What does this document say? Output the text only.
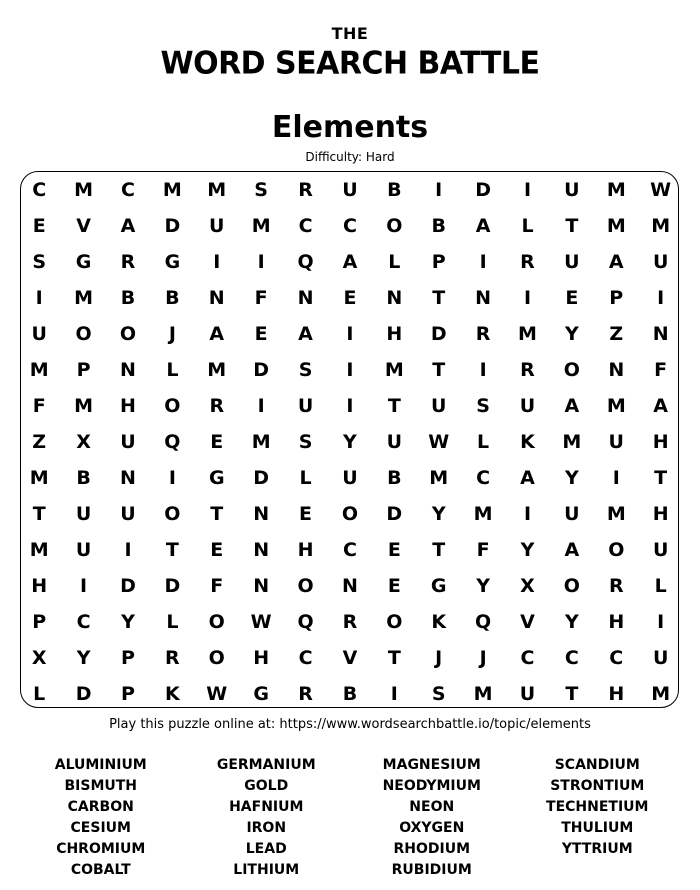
THE
WORD SEARCH BATTLE
Elements
Difficulty: Hard
C	M	C	M	M	S	R	U	B	I	D	I	U	M	W
E	V	A	D	U	M	C	C	O	B	A	L	T	M	M
S	G	R	G	I	I	Q	A	L	P	I	R	U	A	U
I	M	B	B	N	F	N	E	N	T	N	I	E	P	I
U	O	O	J	A	E	A	I	H	D	R	M	Y	Z	N
M	P	N	L	M	D	S	I	M	T	I	R	O	N	F
F	M	H	O	R	I	U	I	T	U	S	U	A	M	A
Z	X	U	Q	E	M	S	Y	U	W	L	K	M	U	H
M	B	N	I	G	D	L	U	B	M	C	A	Y	I	T
T	U	U	O	T	N	E	O	D	Y	M	I	U	M	H
M	U	I	T	E	N	H	C	E	T	F	Y	A	O	U
H	I	D	D	F	N	O	N	E	G	Y	X	O	R	L
P	C	Y	L	O	W	Q	R	O	K	Q	V	Y	H	I
X	Y	P	R	O	H	C	V	T	J	J	C	C	C	U
L	D	P	K	W	G	R	B	I	S	M	U	T	H	M
Play this puzzle online at: https://www.wordsearchbattle.io/topic/elements
ALUMINIUM
BISMUTH
CARBON
CESIUM
CHROMIUM
COBALT
GERMANIUM
GOLD
HAFNIUM
IRON
LEAD
LITHIUM
MAGNESIUM
NEODYMIUM
NEON
OXYGEN
RHODIUM
RUBIDIUM
SCANDIUM
STRONTIUM
TECHNETIUM
THULIUM
YTTRIUM
